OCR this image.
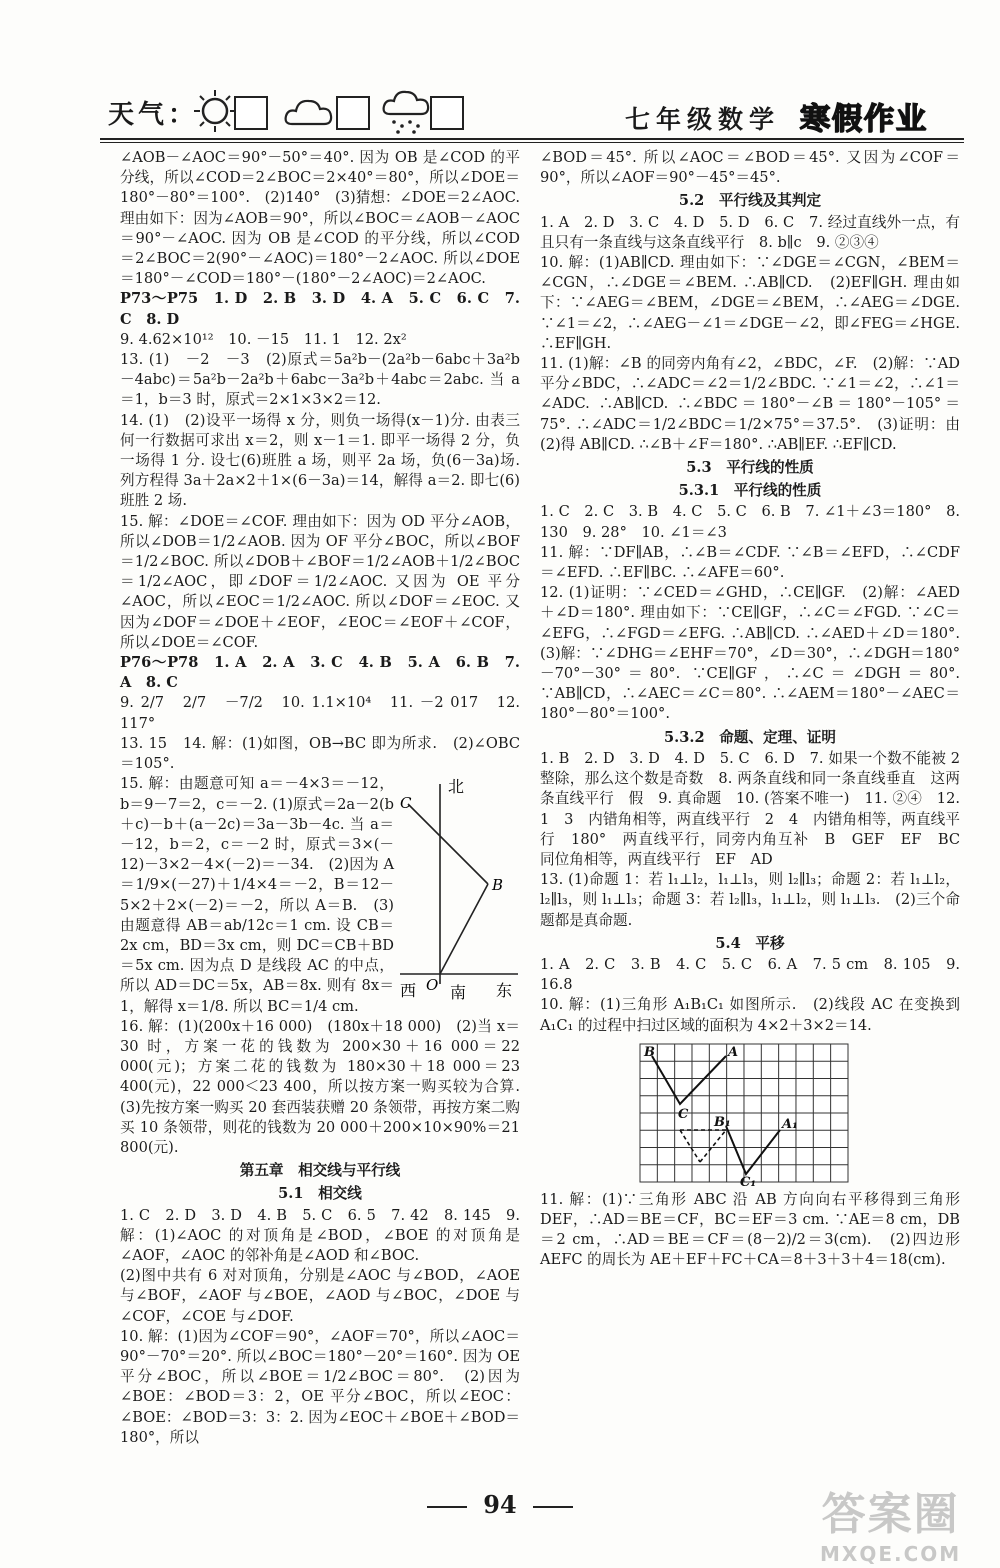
天气：	七年级数学 寒假作业

∠AOB－∠AOC＝90°－50°＝40°. 因为 OB 是∠COD 的平分线，所以∠COD＝2∠BOC＝2×40°＝80°，所以∠DOE＝180°－80°＝100°.　(2)140°　(3)猜想：∠DOE＝2∠AOC. 理由如下：因为∠AOB＝90°，所以∠BOC＝∠AOB－∠AOC＝90°－∠AOC. 因为 OB 是∠COD 的平分线，所以∠COD＝2∠BOC＝2(90°－∠AOC)＝180°－2∠AOC. 所以∠DOE＝180°－∠COD＝180°－(180°－2∠AOC)＝2∠AOC.

P73～P75　1. D　2. B　3. D　4. A　5. C　6. C　7. C　8. D

9. 4.62×10¹²　10. －15　11. 1　12. 2x²

13. (1)　－2　－3　(2)原式＝5a²b－(2a²b－6abc＋3a²b－4abc)＝5a²b－2a²b＋6abc－3a²b＋4abc＝2abc. 当 a＝1，b＝3 时，原式＝2×1×3×2＝12.

14. (1)　(2)设平一场得 x 分，则负一场得(x－1)分. 由表三何一行数据可求出 x＝2，则 x－1＝1. 即平一场得 2 分，负一场得 1 分. 设七(6)班胜 a 场，则平 2a 场，负(6－3a)场. 列方程得 3a＋2a×2＋1×(6－3a)＝14，解得 a＝2. 即七(6)班胜 2 场.

15. 解：∠DOE＝∠COF. 理由如下：因为 OD 平分∠AOB，所以∠DOB＝1/2∠AOB. 因为 OF 平分∠BOC，所以∠BOF＝1/2∠BOC. 所以∠DOB＋∠BOF＝1/2∠AOB＋1/2∠BOC＝1/2∠AOC，即∠DOF＝1/2∠AOC. 又因为 OE 平分∠AOC，所以∠EOC＝1/2∠AOC. 所以∠DOF＝∠EOC. 又因为∠DOF＝∠DOE＋∠EOF，∠EOC＝∠EOF＋∠COF，所以∠DOE＝∠COF.

P76～P78　1. A　2. A　3. C　4. B　5. A　6. B　7. A　8. C

9. 2/7　2/7　－7/2　10. 1.1×10⁴　11. －2 017　12. 117°

13. 15　14. 解：(1)如图，OB→BC 即为所求.　(2)∠OBC＝105°.

15. 解：由题意可知 a＝－4×3＝－12，b＝9－7＝2，c＝－2. (1)原式＝2a－2(b＋c)－b＋(a－2c)＝3a－3b－4c. 当 a＝－12，b＝2，c＝－2 时，原式＝3×(－12)－3×2－4×(－2)＝－34.　(2)因为 A＝1/9×(－27)＋1/4×4＝－2，B＝12－5×2＋2×(－2)＝－2，所以 A＝B.　(3)由题意得 AB＝ab/12c＝1 cm. 设 CB＝2x cm，BD＝3x cm，则 DC＝CB＋BD＝5x cm. 因为点 D 是线段 AC 的中点，所以 AD＝DC＝5x，AB＝8x. 则有 8x＝1，解得 x＝1/8. 所以 BC＝1/4 cm.

北
南
西	东
O
B
C

16. 解：(1)(200x＋16 000)　(180x＋18 000)　(2)当 x＝30 时，方案一花的钱数为 200×30＋16 000＝22 000(元)；方案二花的钱数为 180×30＋18 000＝23 400(元)，22 000＜23 400，所以按方案一购买较为合算.　(3)先按方案一购买 20 套西装获赠 20 条领带，再按方案二购买 10 条领带，则花的钱数为 20 000＋200×10×90%＝21 800(元).

第五章　相交线与平行线
5.1　相交线

1. C　2. D　3. D　4. B　5. C　6. 5　7. 42　8. 145　9. 解：(1)∠AOC 的对顶角是∠BOD，∠BOE 的对顶角是∠AOF，∠AOC 的邻补角是∠AOD 和∠BOC.

(2)图中共有 6 对对顶角，分别是∠AOC 与∠BOD，∠AOE 与∠BOF，∠AOF 与∠BOE，∠AOD 与∠BOC，∠DOE 与∠COF，∠COE 与∠DOF.

10. 解：(1)因为∠COF＝90°，∠AOF＝70°，所以∠AOC＝90°－70°＝20°. 所以∠BOC＝180°－20°＝160°. 因为 OE 平分∠BOC，所以∠BOE＝1/2∠BOC＝80°.　(2)因为∠BOE：∠BOD＝3：2，OE 平分∠BOC，所以∠EOC：∠BOE：∠BOD＝3：3：2. 因为∠EOC＋∠BOE＋∠BOD＝180°，所以

∠BOD＝45°. 所以∠AOC＝∠BOD＝45°. 又因为∠COF＝90°，所以∠AOF＝90°－45°＝45°.

5.2　平行线及其判定

1. A　2. D　3. C　4. D　5. D　6. C　7. 经过直线外一点，有且只有一条直线与这条直线平行　8. b∥c　9. ②③④

10. 解：(1)AB∥CD. 理由如下：∵∠DGE＝∠CGN，∠BEM＝∠CGN，∴∠DGE＝∠BEM. ∴AB∥CD.　(2)EF∥GH. 理由如下：∵∠AEG＝∠BEM，∠DGE＝∠BEM，∴∠AEG＝∠DGE. ∵∠1＝∠2，∴∠AEG－∠1＝∠DGE－∠2，即∠FEG＝∠HGE. ∴EF∥GH.

11. (1)解：∠B 的同旁内角有∠2，∠BDC，∠F.　(2)解：∵AD 平分∠BDC，∴∠ADC＝∠2＝1/2∠BDC. ∵∠1＝∠2，∴∠1＝∠ADC. ∴AB∥CD. ∴∠BDC＝180°－∠B＝180°－105°＝75°. ∴∠ADC＝1/2∠BDC＝1/2×75°＝37.5°.　(3)证明：由(2)得 AB∥CD. ∴∠B＋∠F＝180°. ∴AB∥EF. ∴EF∥CD.

5.3　平行线的性质
5.3.1　平行线的性质

1. C　2. C　3. B　4. C　5. C　6. B　7. ∠1＋∠3＝180°　8. 130　9. 28°　10. ∠1＝∠3

11. 解：∵DF∥AB，∴∠B＝∠CDF. ∵∠B＝∠EFD，∴∠CDF＝∠EFD. ∴EF∥BC. ∴∠AFE＝60°.

12. (1)证明：∵∠CED＝∠GHD，∴CE∥GF.　(2)解：∠AED＋∠D＝180°. 理由如下：∵CE∥GF，∴∠C＝∠FGD. ∵∠C＝∠EFG，∴∠FGD＝∠EFG. ∴AB∥CD. ∴∠AED＋∠D＝180°.　(3)解：∵∠DHG＝∠EHF＝70°，∠D＝30°，∴∠DGH＝180°－70°－30°＝80°. ∵CE∥GF，∴∠C＝∠DGH＝80°. ∵AB∥CD，∴∠AEC＝∠C＝80°. ∴∠AEM＝180°－∠AEC＝180°－80°＝100°.

5.3.2　命题、定理、证明

1. B　2. D　3. D　4. D　5. C　6. D　7. 如果一个数不能被 2 整除，那么这个数是奇数　8. 两条直线和同一条直线垂直　这两条直线平行　假　9. 真命题　10. (答案不唯一)　11. ②④　12. 1　3　内错角相等，两直线平行　2　4　内错角相等，两直线平行　180°　两直线平行，同旁内角互补　B　GEF　EF　BC　同位角相等，两直线平行　EF　AD

13. (1)命题 1：若 l₁⊥l₂，l₁⊥l₃，则 l₂∥l₃；命题 2：若 l₁⊥l₂，l₂∥l₃，则 l₁⊥l₃；命题 3：若 l₂∥l₃，l₁⊥l₂，则 l₁⊥l₃.　(2)三个命题都是真命题.

5.4　平移

1. A　2. C　3. B　4. C　5. C　6. A　7. 5 cm　8. 105　9. 16.8

10. 解：(1)三角形 A₁B₁C₁ 如图所示.　(2)线段 AC 在变换到 A₁C₁ 的过程中扫过区域的面积为 4×2＋3×2＝14.

B	A
C
B₁	A₁
C₁

11. 解：(1)∵三角形 ABC 沿 AB 方向向右平移得到三角形 DEF，∴AD＝BE＝CF，BC＝EF＝3 cm. ∵AE＝8 cm，DB＝2 cm，∴AD＝BE＝CF＝(8－2)/2＝3(cm).　(2)四边形 AEFC 的周长为 AE＋EF＋FC＋CA＝8＋3＋3＋4＝18(cm).

94	答案圈
MXQE.COM
